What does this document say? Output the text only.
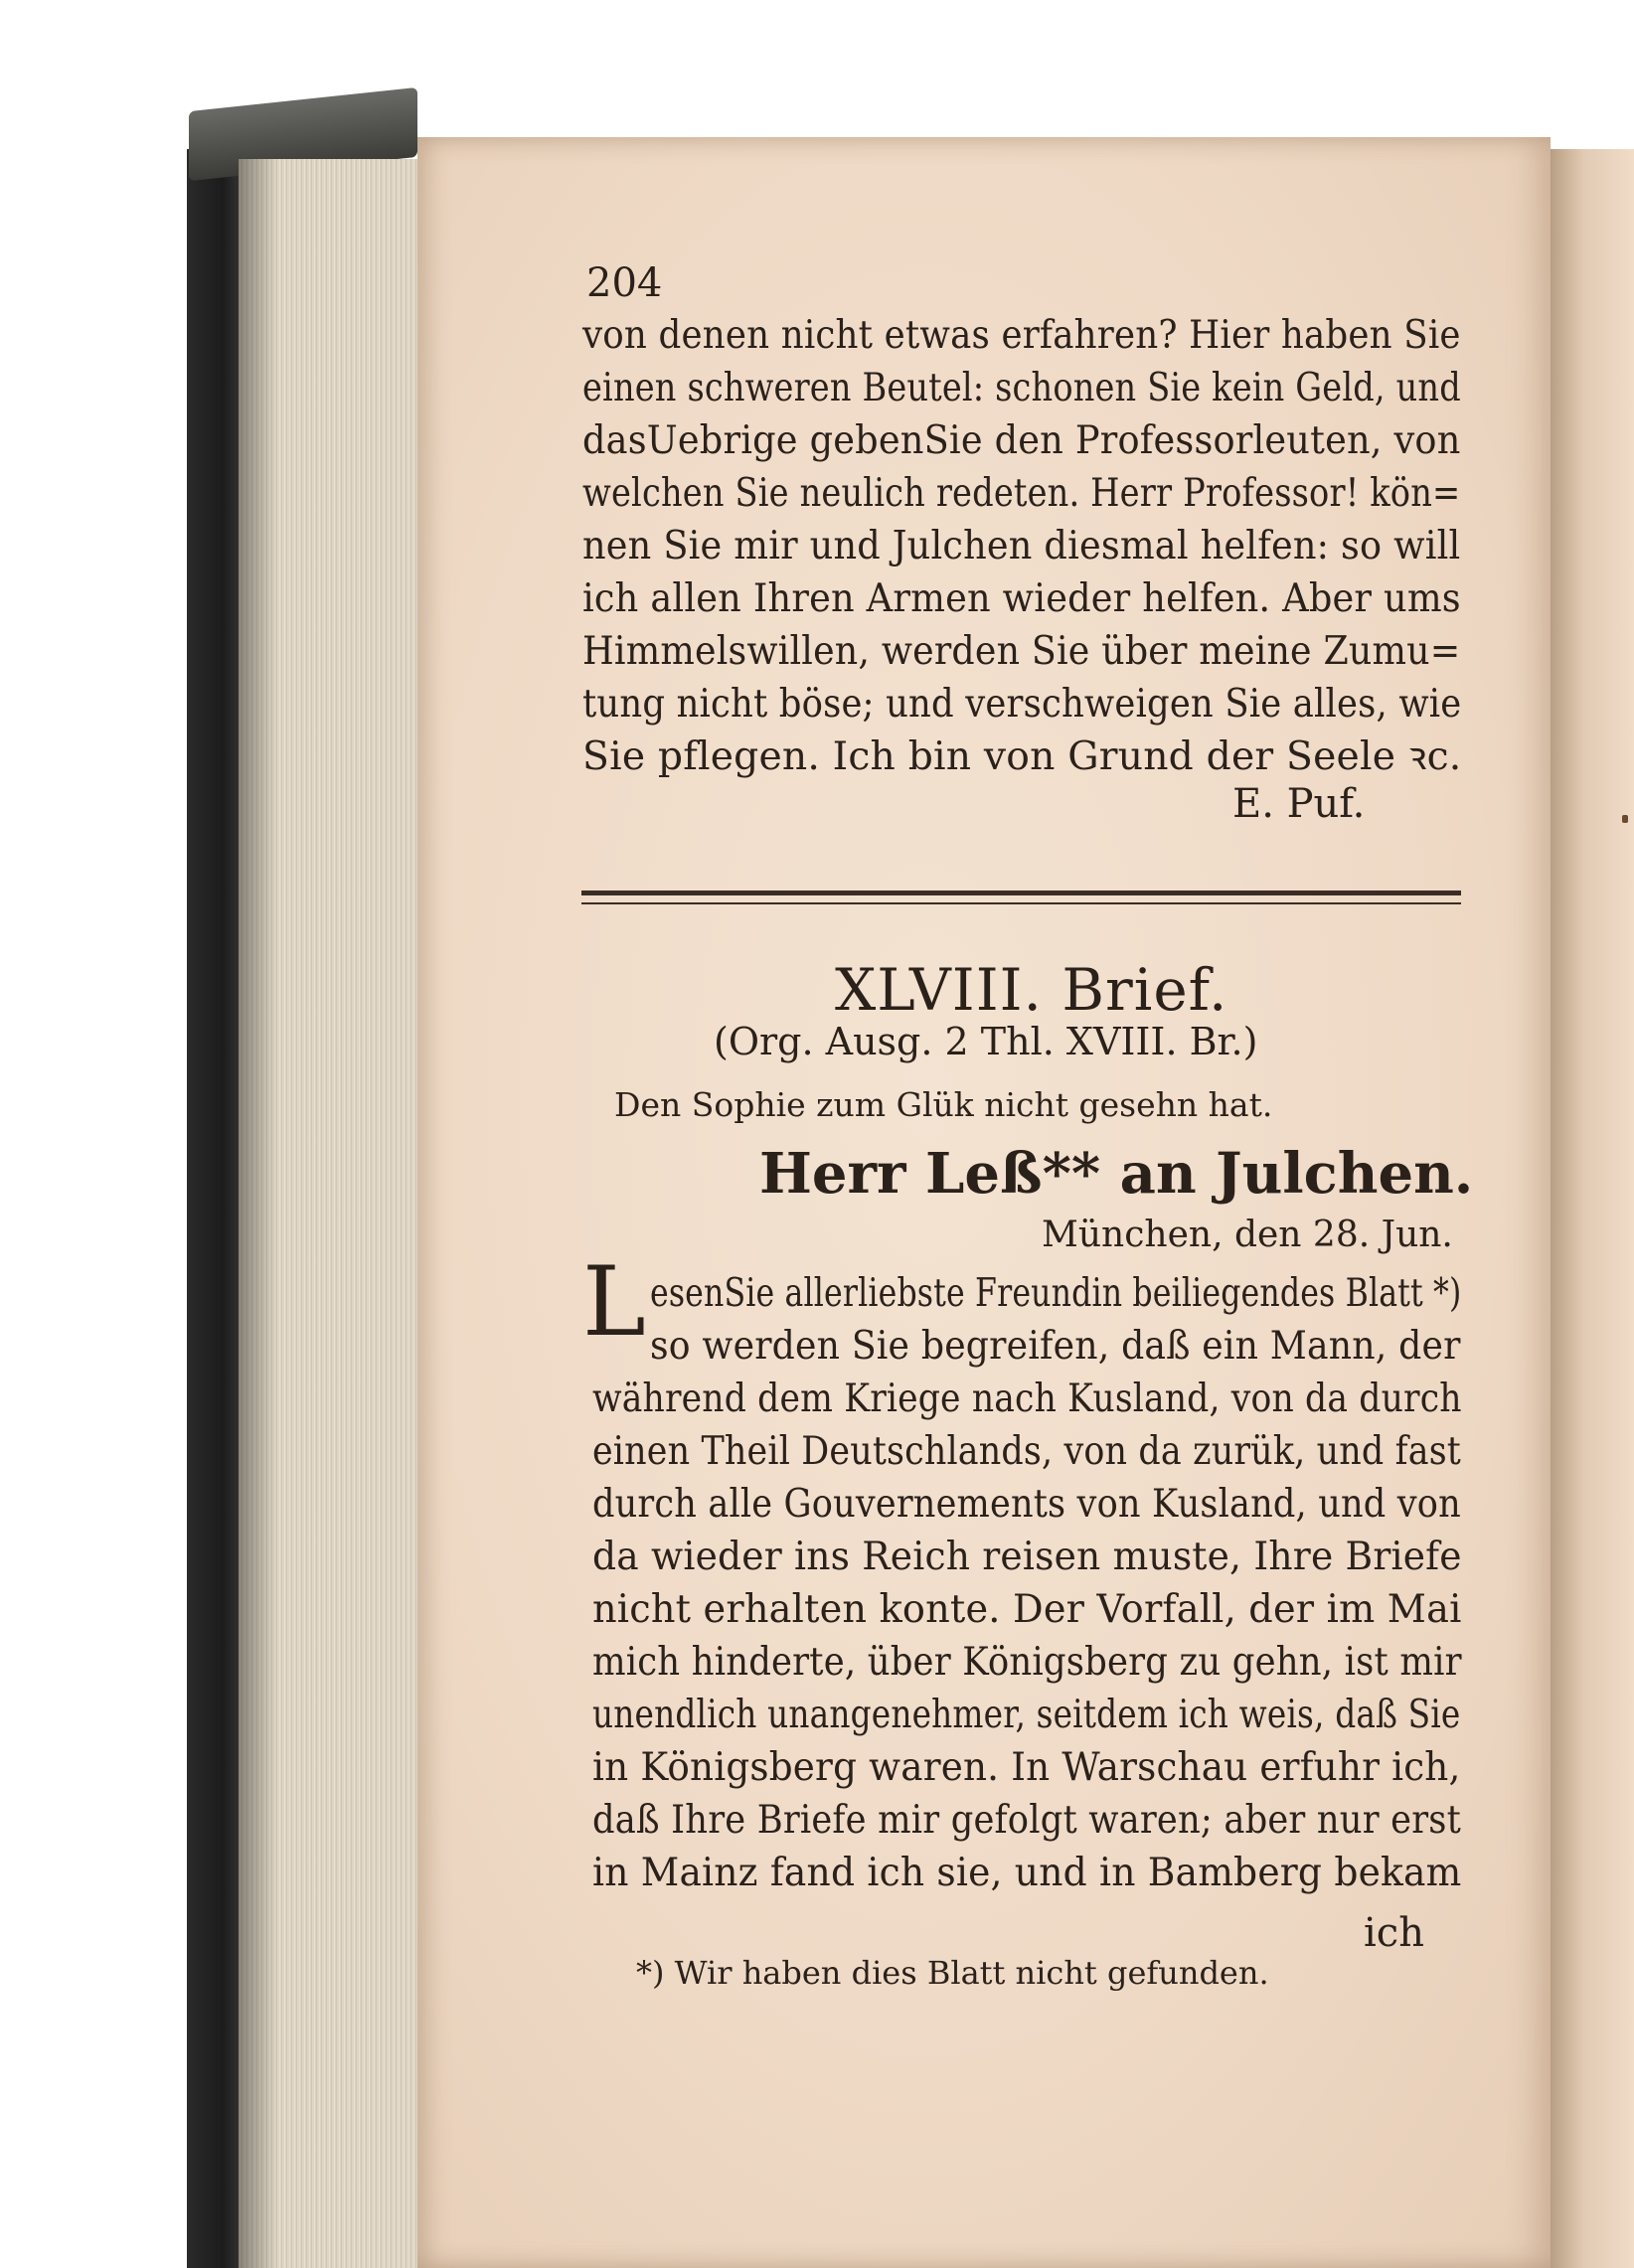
204
von denen nicht etwas erfahren? Hier haben Sie
einen schweren Beutel: schonen Sie kein Geld, und
dasUebrige gebenSie den Professorleuten, von
welchen Sie neulich redeten. Herr Professor! kön=
nen Sie mir und Julchen diesmal helfen: so will
ich allen Ihren Armen wieder helfen. Aber ums
Himmelswillen, werden Sie über meine Zumu=
tung nicht böse; und verschweigen Sie alles, wie
Sie pflegen. Ich bin von Grund der Seele ꝛc.
E. Puf.
XLVIII. Brief.
(Org. Ausg. 2 Thl. XVIII. Br.)
Den Sophie zum Glük nicht gesehn hat.
Herr Leß** an Julchen.
München, den 28. Jun.
L esenSie allerliebste Freundin beiliegendes Blatt *)
so werden Sie begreifen, daß ein Mann, der
während dem Kriege nach Kusland, von da durch
einen Theil Deutschlands, von da zurük, und fast
durch alle Gouvernements von Kusland, und von
da wieder ins Reich reisen muste, Ihre Briefe
nicht erhalten konte. Der Vorfall, der im Mai
mich hinderte, über Königsberg zu gehn, ist mir
unendlich unangenehmer, seitdem ich weis, daß Sie
in Königsberg waren. In Warschau erfuhr ich,
daß Ihre Briefe mir gefolgt waren; aber nur erst
in Mainz fand ich sie, und in Bamberg bekam
ich
*) Wir haben dies Blatt nicht gefunden.
